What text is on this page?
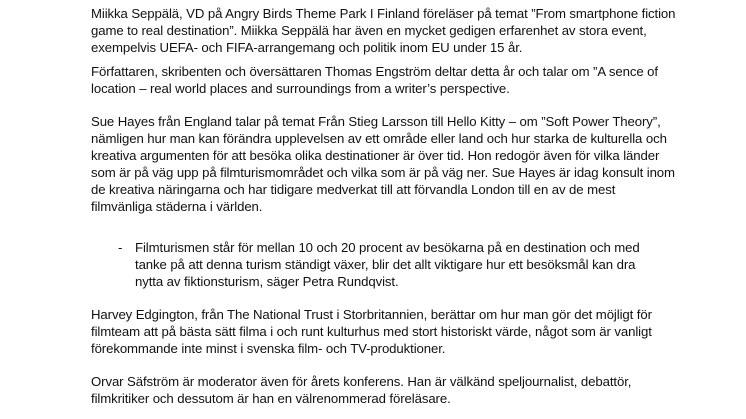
Miikka Seppälä, VD på Angry Birds Theme Park I Finland föreläser på temat ”From smartphone fiction
game to real destination”. Miikka Seppälä har även en mycket gedigen erfarenhet av stora event,
exempelvis UEFA- och FIFA-arrangemang och politik inom EU under 15 år.
Författaren, skribenten och översättaren Thomas Engström deltar detta år och talar om ”A sence of
location – real world places and surroundings from a writer’s perspective.
Sue Hayes från England talar på temat Från Stieg Larsson till Hello Kitty – om ”Soft Power Theory”,
nämligen hur man kan förändra upplevelsen av ett område eller land och hur starka de kulturella och
kreativa argumenten för att besöka olika destinationer är över tid. Hon redogör även för vilka länder
som är på väg upp på filmturismområdet och vilka som är på väg ner. Sue Hayes är idag konsult inom
de kreativa näringarna och har tidigare medverkat till att förvandla London till en av de mest
filmvänliga städerna i världen.
- Filmturismen står för mellan 10 och 20 procent av besökarna på en destination och med
tanke på att denna turism ständigt växer, blir det allt viktigare hur ett besöksmål kan dra
nytta av fiktionsturism, säger Petra Rundqvist.
Harvey Edgington, från The National Trust i Storbritannien, berättar om hur man gör det möjligt för
filmteam att på bästa sätt filma i och runt kulturhus med stort historiskt värde, något som är vanligt
förekommande inte minst i svenska film- och TV-produktioner.
Orvar Säfström är moderator även för årets konferens. Han är välkänd speljournalist, debattör,
filmkritiker och dessutom är han en välrenommerad föreläsare.
